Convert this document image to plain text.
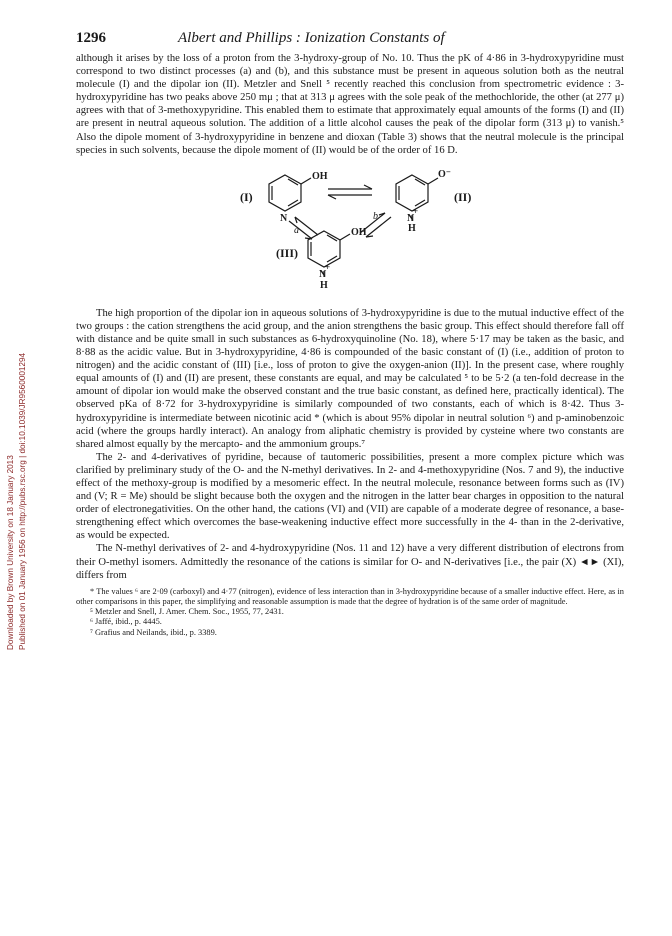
Downloaded by Brown University on 18 January 2013 Published on 01 January 1956 on http://pubs.rsc.org | doi:10.1039/JR9560001294
1296	Albert and Phillips : Ionization Constants of

although it arises by the loss of a proton from the 3-hydroxy-group of No. 10. Thus the pK of 4·86 in 3-hydroxypyridine must correspond to two distinct processes (a) and (b), and this substance must be present in aqueous solution both as the neutral molecule (I) and the dipolar ion (II). Metzler and Snell ⁵ recently reached this conclusion from spectrometric evidence : 3-hydroxypyridine has two peaks above 250 mμ ; that at 313 μ agrees with the sole peak of the methochloride, the other (at 277 μ) agrees with that of 3-methoxypyridine. This enabled them to estimate that approximately equal amounts of the forms (I) and (II) are present in neutral aqueous solution. The addition of a little alcohol causes the peak of the dipolar form (313 μ) to vanish.⁵ Also the dipole moment of 3-hydroxypyridine in benzene and dioxan (Table 3) shows that the neutral molecule is the principal species in such solvents, because the dipole moment of (II) would be of the order of 16 D.

(I)
OH
N
O⁻
+
N
H
(II)
(III)
OH
+
N
H
a
b

The high proportion of the dipolar ion in aqueous solutions of 3-hydroxypyridine is due to the mutual inductive effect of the two groups : the cation strengthens the acid group, and the anion strengthens the basic group. This effect should therefore fall off with distance and be quite small in such substances as 6-hydroxyquinoline (No. 18), where 5·17 may be taken as the basic, and 8·88 as the acidic value. But in 3-hydroxypyridine, 4·86 is compounded of the basic constant of (I) (i.e., addition of proton to nitrogen) and the acidic constant of (III) [i.e., loss of proton to give the oxygen-anion (II)]. In the present case, where roughly equal amounts of (I) and (II) are present, these constants are equal, and may be calculated ⁵ to be 5·2 (a ten-fold decrease in the amount of dipolar ion would make the observed constant and the true basic constant, as defined here, practically identical). The observed pKa of 8·72 for 3-hydroxypyridine is similarly compounded of two constants, each of which is 8·42. Thus 3-hydroxypyridine is intermediate between nicotinic acid * (which is about 95% dipolar in neutral solution ⁶) and p-aminobenzoic acid (where the groups hardly interact). An analogy from aliphatic chemistry is provided by cysteine where two constants are shared almost equally by the mercapto- and the ammonium groups.⁷

The 2- and 4-derivatives of pyridine, because of tautomeric possibilities, present a more complex picture which was clarified by preliminary study of the O- and the N-methyl derivatives. In 2- and 4-methoxypyridine (Nos. 7 and 9), the inductive effect of the methoxy-group is modified by a mesomeric effect. In the neutral molecule, resonance between forms such as (IV) and (V; R = Me) should be slight because both the oxygen and the nitrogen in the latter bear charges in opposition to the natural order of electronegativities. On the other hand, the cations (VI) and (VII) are capable of a moderate degree of resonance, a base-strengthening effect which overcomes the base-weakening inductive effect more successfully in the 4- than in the 2-derivative, as would be expected.

The N-methyl derivatives of 2- and 4-hydroxypyridine (Nos. 11 and 12) have a very different distribution of electrons from their O-methyl isomers. Admittedly the resonance of the cations is similar for O- and N-derivatives [i.e., the pair (X) ◄► (XI), differs from

* The values ⁶ are 2·09 (carboxyl) and 4·77 (nitrogen), evidence of less interaction than in 3-hydroxypyridine because of a smaller inductive effect. Here, as in other comparisons in this paper, the simplifying and reasonable assumption is made that the degree of hydration is of the same order of magnitude.

⁵ Metzler and Snell, J. Amer. Chem. Soc., 1955, 77, 2431.

⁶ Jaffé, ibid., p. 4445.

⁷ Grafius and Neilands, ibid., p. 3389.
